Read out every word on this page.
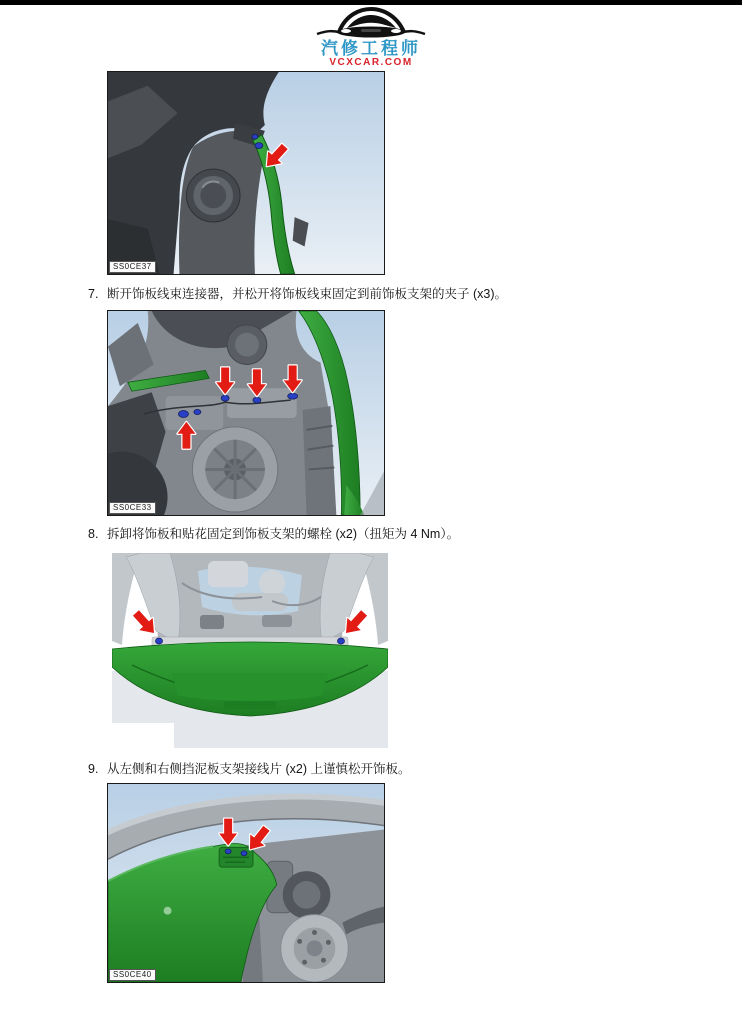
汽修工程师
VCXCAR.COM
SS0CE37
7. 断开饰板线束连接器，并松开将饰板线束固定到前饰板支架的夹子 (x3)。
SS0CE33
8. 拆卸将饰板和贴花固定到饰板支架的螺栓 (x2)（扭矩为 4 Nm）。
9. 从左侧和右侧挡泥板支架接线片 (x2) 上谨慎松开饰板。
SS0CE40
